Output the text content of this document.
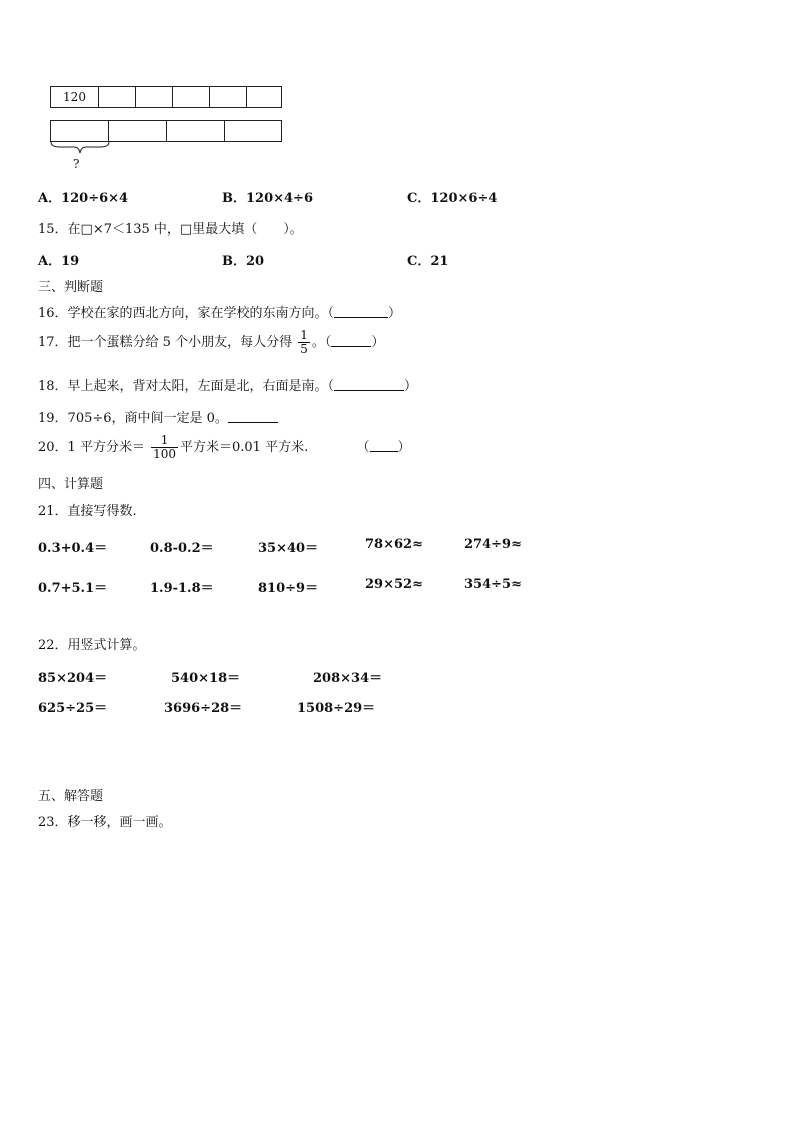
120
?
A．120÷6×4	B．120×4÷6	C．120×6÷4
15．在□×7＜135 中，□里最大填（　　）。
A．19	B．20	C．21
三、判断题
16．学校在家的西北方向，家在学校的东南方向。（	）
17．把一个蛋糕分给 5 个小朋友，每人分得 $\frac{1}{5}$ 。（	）
18．早上起来，背对太阳，左面是北，右面是南。（	）
19．705÷6，商中间一定是 0。
20．1 平方分米＝ $\frac{1}{100}$ 平方米＝0.01 平方米.	（ ）
四、计算题
21．直接写得数.
0.3+0.4＝	0.8-0.2＝	35×40＝	78×62≈	274÷9≈
0.7+5.1＝	1.9-1.8＝	810÷9＝	29×52≈	354÷5≈
22．用竖式计算。
85×204＝	540×18＝	208×34＝
625÷25＝	3696÷28＝	1508÷29＝
五、解答题
23．移一移，画一画。
